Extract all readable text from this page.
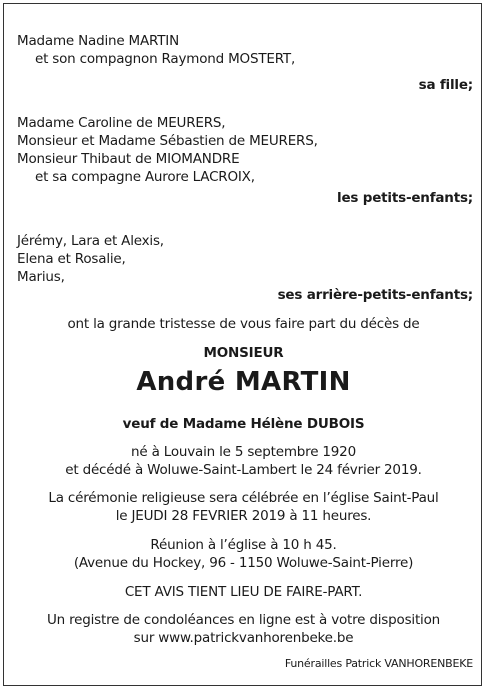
Madame Nadine MARTIN
et son compagnon Raymond MOSTERT,
sa fille;
Madame Caroline de MEURERS,
Monsieur et Madame Sébastien de MEURERS,
Monsieur Thibaut de MIOMANDRE
et sa compagne Aurore LACROIX,
les petits-enfants;
Jérémy, Lara et Alexis,
Elena et Rosalie,
Marius,
ses arrière-petits-enfants;
ont la grande tristesse de vous faire part du décès de
MONSIEUR
André MARTIN
veuf de Madame Hélène DUBOIS
né à Louvain le 5 septembre 1920
et décédé à Woluwe-Saint-Lambert le 24 février 2019.
La cérémonie religieuse sera célébrée en l’église Saint-Paul
le JEUDI 28 FEVRIER 2019 à 11 heures.
Réunion à l’église à 10 h 45.
(Avenue du Hockey, 96 - 1150 Woluwe-Saint-Pierre)
CET AVIS TIENT LIEU DE FAIRE-PART.
Un registre de condoléances en ligne est à votre disposition
sur www.patrickvanhorenbeke.be
Funérailles Patrick VANHORENBEKE
